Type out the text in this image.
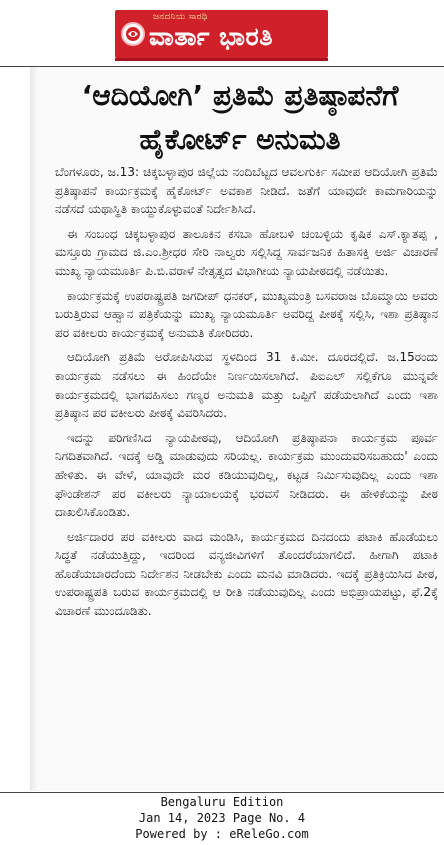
ಜನದನಿಯ ಸಾರಥಿ
ವಾರ್ತಾ ಭಾರತಿ
‘ಆದಿಯೋಗಿ’ ಪ್ರತಿಮೆ ಪ್ರತಿಷ್ಠಾಪನೆಗೆ
ಹೈಕೋರ್ಟ್ ಅನುಮತಿ

ಬೆಂಗಳೂರು, ಜ.13: ಚಿಕ್ಕಬಳ್ಳಾಪುರ ಜಿಲ್ಲೆಯ ನಂದಿಬೆಟ್ಟದ ಆವಲಗುರ್ಕಿ ಸಮೀಪ ಆದಿಯೋಗಿ ಪ್ರತಿಮೆ ಪ್ರತಿಷ್ಠಾಪನೆ ಕಾರ್ಯಕ್ರಮಕ್ಕೆ ಹೈಕೋರ್ಟ್ ಅವಕಾಶ ನೀಡಿದೆ. ಜತೆಗೆ ಯಾವುದೇ ಕಾಮಗಾರಿಯನ್ನು ನಡೆಸದೆ ಯಥಾಸ್ಥಿತಿ ಕಾಯ್ದುಕೊಳ್ಳುವಂತೆ ನಿರ್ದೇಶಿಸಿದೆ.

ಈ ಸಂಬಂಧ ಚಿಕ್ಕಬಳ್ಳಾಪುರ ತಾಲೂಕಿನ ಕಸಬಾ ಹೋಬಳಿ ಚಂಬಳ್ಳಿಯ ಕೃಷಿಕ ಎಸ್.ಕ್ಯಾತಪ್ಪ , ಮಸ್ತೂರು ಗ್ರಾಮದ ಜಿ.ಎಂ.ಶ್ರೀಧರ ಸೇರಿ ನಾಲ್ವರು ಸಲ್ಲಿಸಿದ್ದ ಸಾರ್ವಜನಿಕ ಹಿತಾಸಕ್ತಿ ಅರ್ಜಿ ವಿಚಾರಣೆ ಮುಖ್ಯ ನ್ಯಾಯಮೂರ್ತಿ ಪಿ.ಬಿ.ವರಾಳೆ ನೇತೃತ್ವದ ವಿಭಾಗೀಯ ನ್ಯಾಯಪೀಠದಲ್ಲಿ ನಡೆಯಿತು.

ಕಾರ್ಯಕ್ರಮಕ್ಕೆ ಉಪರಾಷ್ಟ್ರಪತಿ ಜಗದೀಪ್ ಧನಕರ್, ಮುಖ್ಯಮಂತ್ರಿ ಬಸವರಾಜ ಬೊಮ್ಮಾಯಿ ಅವರು ಬರುತ್ತಿರುವ ಆಹ್ವಾನ ಪತ್ರಿಕೆಯನ್ನು ಮುಖ್ಯ ನ್ಯಾಯಮೂರ್ತಿ ಅವರಿದ್ದ ಪೀಠಕ್ಕೆ ಸಲ್ಲಿಸಿ, ಇಶಾ ಪ್ರತಿಷ್ಠಾನ ಪರ ವಕೀಲರು ಕಾರ್ಯಕ್ರಮಕ್ಕೆ ಅನುಮತಿ ಕೋರಿದರು.

ಆದಿಯೋಗಿ ಪ್ರತಿಮೆ ಅರೋಪಿಸಿರುವ ಸ್ಥಳದಿಂದ 31 ಕಿ.ಮೀ. ದೂರದಲ್ಲಿದೆ. ಜ.15ರಂದು ಕಾರ್ಯಕ್ರಮ ನಡೆಸಲು ಈ ಹಿಂದೆಯೇ ನಿರ್ಣಯಿಸಲಾಗಿದೆ. ಪಿಐಎಲ್ ಸಲ್ಲಿಕೆಗೂ ಮುನ್ನವೇ ಕಾರ್ಯಕ್ರಮದಲ್ಲಿ ಭಾಗವಹಿಸಲು ಗಣ್ಯರ ಅನುಮತಿ ಮತ್ತು ಒಪ್ಪಿಗೆ ಪಡೆಯಲಾಗಿದೆ ಎಂದು ಇಶಾ ಪ್ರತಿಷ್ಠಾನ ಪರ ವಕೀಲರು ಪೀಠಕ್ಕೆ ವಿವರಿಸಿದರು.

ಇದನ್ನು ಪರಿಗಣಿಸಿದ ನ್ಯಾಯಪೀಠವು, ಆದಿಯೋಗಿ ಪ್ರತಿಷ್ಠಾಪನಾ ಕಾರ್ಯಕ್ರಮ ಪೂರ್ವ ನಿಗದಿತವಾಗಿದೆ. ಇದಕ್ಕೆ ಅಡ್ಡಿ ಮಾಡುವುದು ಸರಿಯಲ್ಲ. ಕಾರ್ಯಕ್ರಮ ಮುಂದುವರಿಸಬಹುದು' ಎಂದು ಹೇಳಿತು. ಈ ವೇಳೆ, ಯಾವುದೇ ಮರ ಕಡಿಯುವುದಿಲ್ಲ, ಕಟ್ಟಡ ನಿರ್ಮಿಸುವುದಿಲ್ಲ ಎಂದು ಇಶಾ ಫೌಂಡೇಶನ್ ಪರ ವಕೀಲರು ನ್ಯಾಯಾಲಯಕ್ಕೆ ಭರವಸೆ ನೀಡಿದರು. ಈ ಹೇಳಿಕೆಯನ್ನು ಪೀಠ ದಾಖಲಿಸಿಕೊಂಡಿತು.

ಅರ್ಜಿದಾರರ ಪರ ವಕೀಲರು ವಾದ ಮಂಡಿಸಿ, ಕಾರ್ಯಕ್ರಮದ ದಿನದಂದು ಪಟಾಕಿ ಹೊಡೆಯಲು ಸಿದ್ಧತೆ ನಡೆಯುತ್ತಿದ್ದು, ಇದರಿಂದ ವನ್ಯಜೀವಿಗಳಿಗೆ ತೊಂದರೆಯಾಗಲಿದೆ. ಹೀಗಾಗಿ ಪಟಾಕಿ ಹೊಡೆಯಬಾರದೆಂದು ನಿರ್ದೇಶನ ನೀಡಬೇಕು ಎಂದು ಮನವಿ ಮಾಡಿದರು. ಇದಕ್ಕೆ ಪ್ರತಿಕ್ರಿಯಿಸಿದ ಪೀಠ, ಉಪರಾಷ್ಟ್ರಪತಿ ಬರುವ ಕಾರ್ಯಕ್ರಮದಲ್ಲಿ ಆ ರೀತಿ ನಡೆಯುವುದಿಲ್ಲ ಎಂದು ಅಭಿಪ್ರಾಯಪಟ್ಟು, ಫೆ.2ಕ್ಕೆ ವಿಚಾರಣೆ ಮುಂದೂಡಿತು.

Bengaluru Edition
Jan 14, 2023 Page No. 4
Powered by : eReleGo.com
